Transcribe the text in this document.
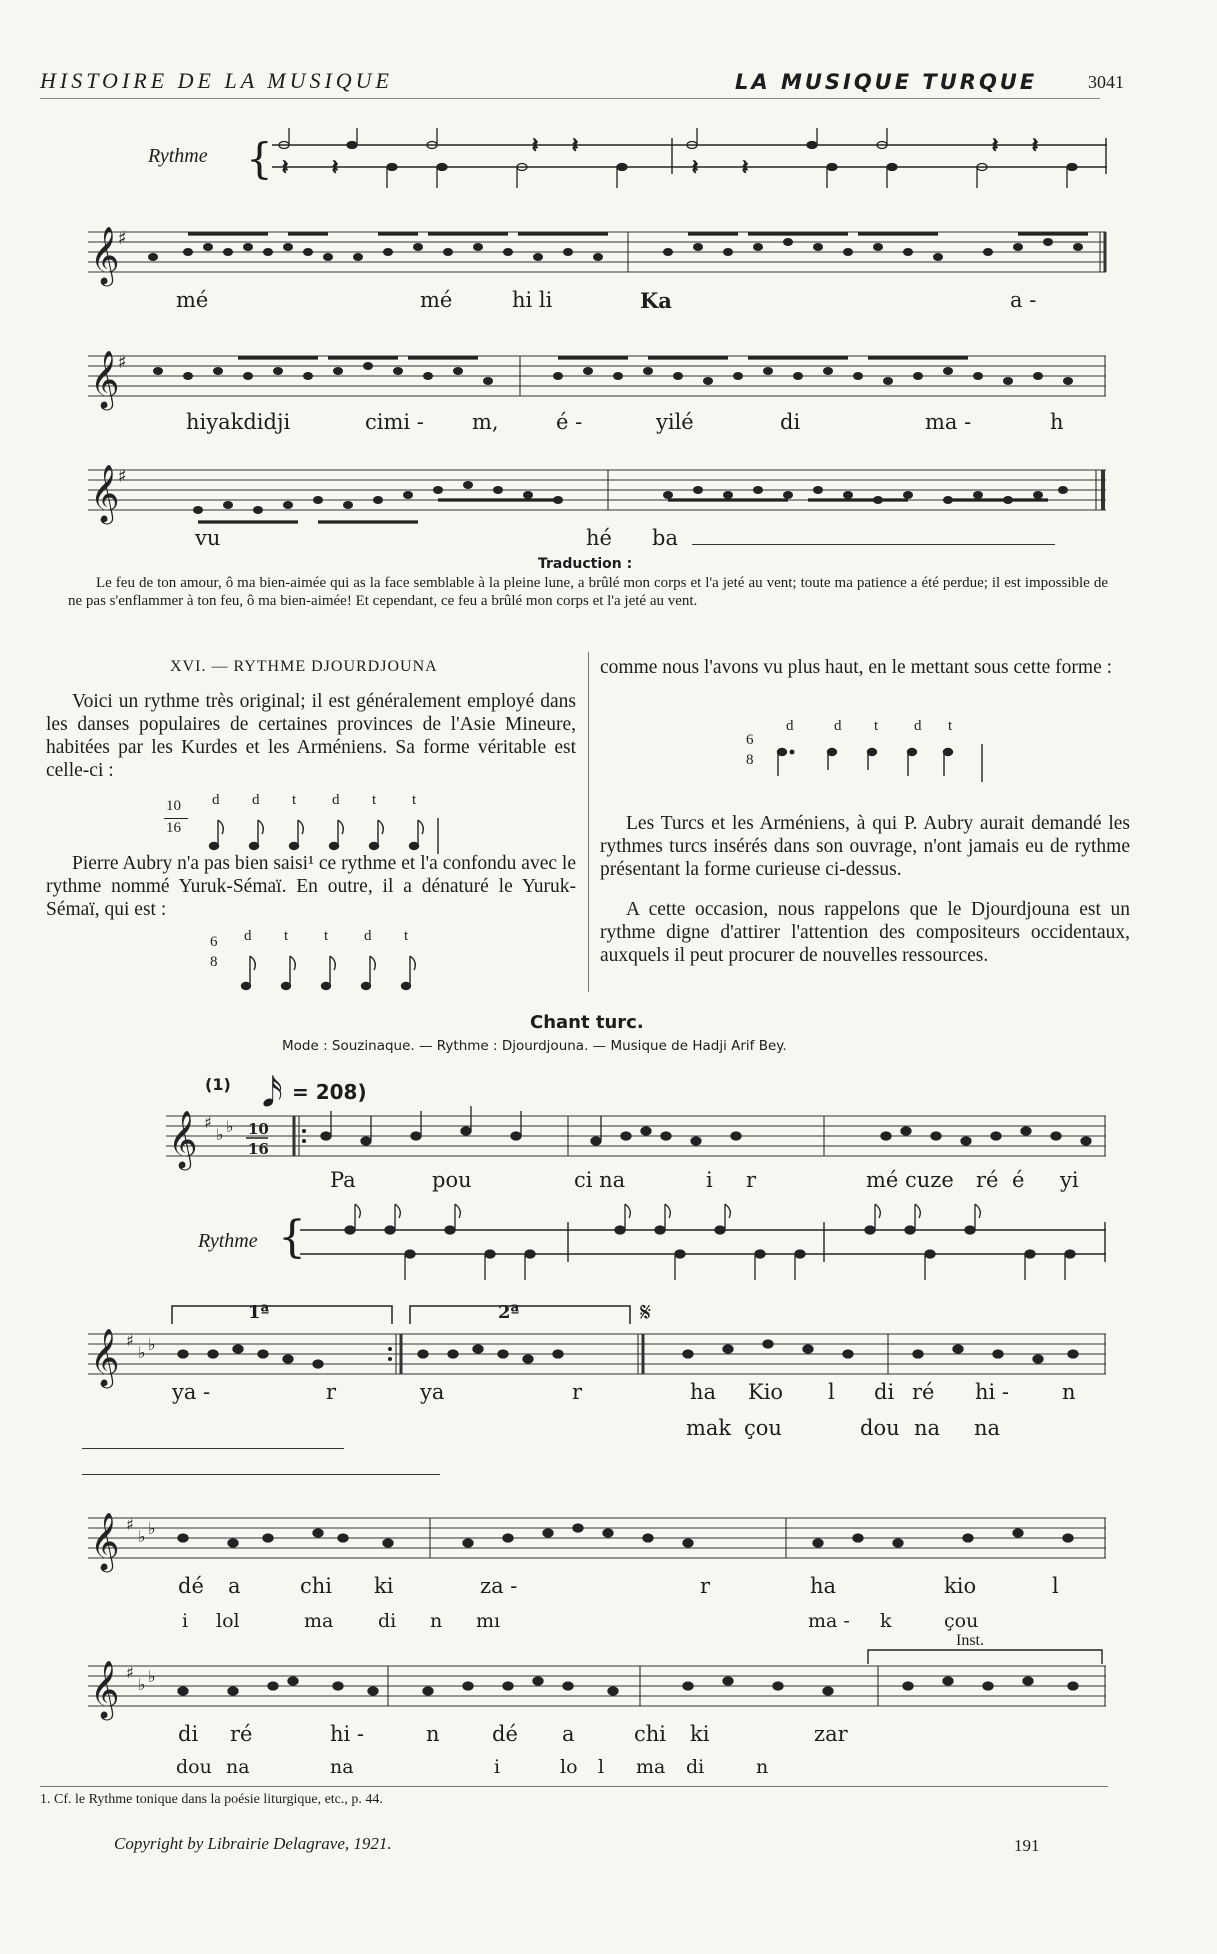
HISTOIRE DE LA MUSIQUE	LA MUSIQUE TURQUE	3041
Rythme {	𝄽 𝄽	𝄽 𝄽
𝄽 𝄽	𝄽 𝄽
𝄞
♯
mé	mé	hi li	Ka	a -
𝄞
♯
hiyakdidji	cimi - m,	é -	yilé	di	ma -	h
𝄞
♯
vu	hé ba
Traduction :
Le feu de ton amour, ô ma bien-aimée qui as la face semblable à la pleine lune, a brûlé mon corps et l'a jeté au vent; toute ma patience a été perdue; il est impossible de ne pas s'enflammer à ton feu, ô ma bien-aimée! Et cependant, ce feu a brûlé mon corps et l'a jeté au vent.
XVI. — RYTHME DJOURDJOUNA

Voici un rythme très original; il est généralement employé dans les danses populaires de certaines provinces de l'Asie Mineure, habitées par les Kurdes et les Arméniens. Sa forme véritable est celle-ci :

10
16
d d t d t t

Pierre Aubry n'a pas bien saisi¹ ce rythme et l'a confondu avec le rythme nommé Yuruk-Sémaï. En outre, il a dénaturé le Yuruk-Sémaï, qui est :

6
8
d t t d t

comme nous l'avons vu plus haut, en le mettant sous cette forme :

6
8
d	d t d t

Les Turcs et les Arméniens, à qui P. Aubry aurait demandé les rythmes turcs insérés dans son ouvrage, n'ont jamais eu de rythme présentant la forme curieuse ci-dessus.

A cette occasion, nous rappelons que le Djourdjouna est un rythme digne d'attirer l'attention des compositeurs occidentaux, auxquels il peut procurer de nouvelles ressources.

Chant turc.
Mode : Souzinaque. — Rythme : Djourdjouna. — Musique de Hadji Arif Bey.
(1) 𝅘𝅥𝅯 = 208)
𝄞 ♯
♭ ♭ 10
16
Pa	pou	ci na	i r	mé cuze ré é yi
Rythme {
1ª	2ª	𝄋
𝄞 ♯
♭ ♭
ya -	r	ya	r	ha Kio l di ré hi -	n
mak çou	dou na na
𝄞 ♯
♭ ♭
dé a	chi ki	za -	r	ha	kio	l
i lol	ma di n mı	ma - k	çou
Inst.
𝄞 ♯
♭ ♭
di ré	hi -	n dé a	chi ki	zar
dou na	na	i	lo l ma di	n
1. Cf. le Rythme tonique dans la poésie liturgique, etc., p. 44.
Copyright by Librairie Delagrave, 1921.	191
